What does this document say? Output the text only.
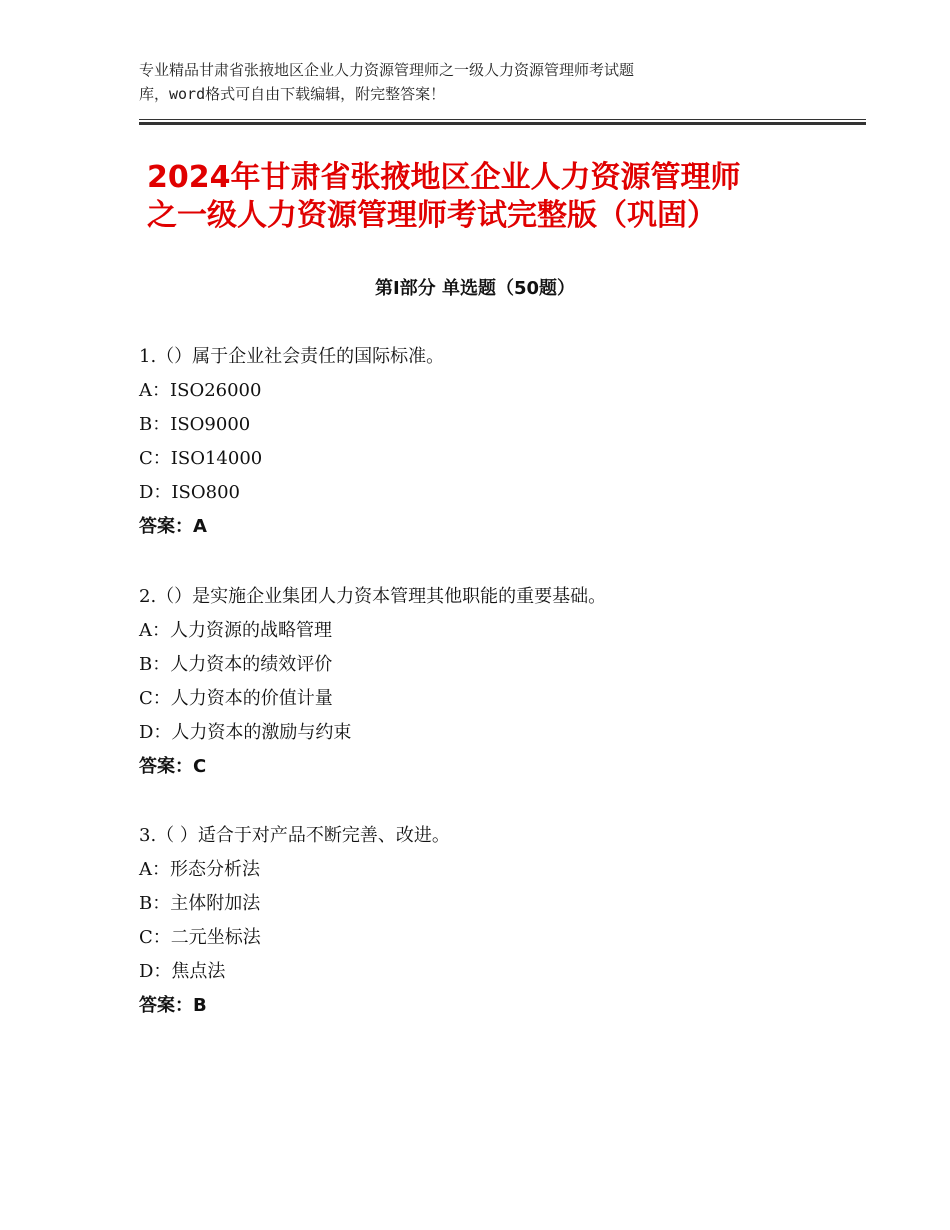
专业精品甘肃省张掖地区企业人力资源管理师之一级人力资源管理师考试题
库，word格式可自由下载编辑，附完整答案！
2024年甘肃省张掖地区企业人力资源管理师
之一级人力资源管理师考试完整版（巩固）
第I部分 单选题（50题）
1.（）属于企业社会责任的国际标准。
A：ISO26000
B：ISO9000
C：ISO14000
D：ISO800
答案：A
2.（）是实施企业集团人力资本管理其他职能的重要基础。
A：人力资源的战略管理
B：人力资本的绩效评价
C：人力资本的价值计量
D：人力资本的激励与约束
答案：C
3.（ ）适合于对产品不断完善、改进。
A：形态分析法
B：主体附加法
C：二元坐标法
D：焦点法
答案：B
